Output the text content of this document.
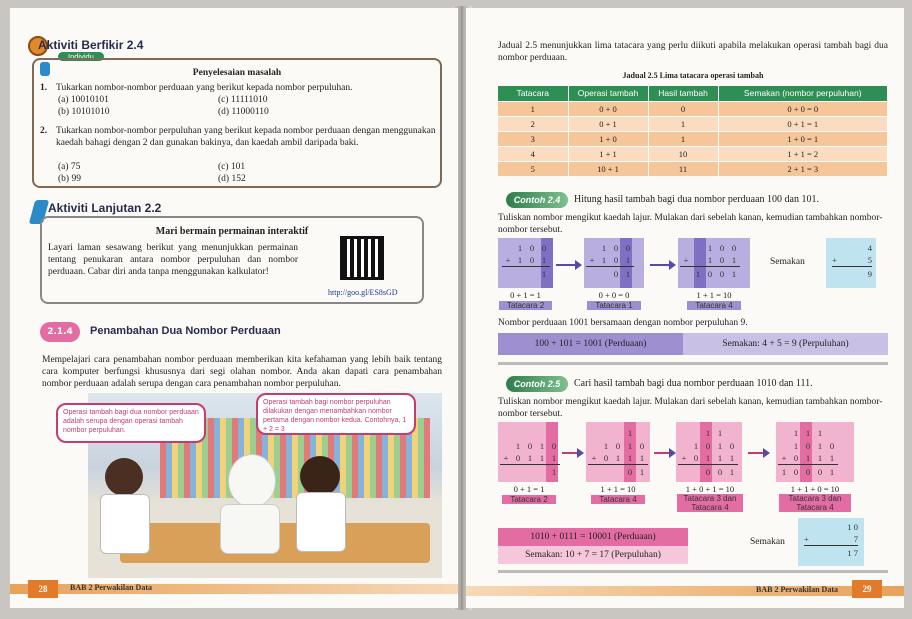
Aktiviti Berfikir 2.4
Individu
Penyelesaian masalah
1. Tukarkan nombor-nombor perduaan yang berikut kepada nombor perpuluhan.
(a) 10010101	(c) 11111010
(b) 10101010	(d) 11000110
2. Tukarkan nombor-nombor perpuluhan yang berikut kepada nombor perduaan dengan menggunakan kaedah bahagi dengan 2 dan gunakan bakinya, dan kaedah ambil daripada baki.
(a) 75	(c) 101
(b) 99	(d) 152
Aktiviti Lanjutan 2.2
Mari bermain permainan interaktif
Layari laman sesawang berikut yang menunjukkan permainan tentang penukaran antara nombor perpuluhan dan nombor perduaan. Cabar diri anda tanpa menggunakan kalkulator!
http://goo.gl/ES8sGD
2.1.4	Penambahan Dua Nombor Perduaan
Mempelajari cara penambahan nombor perduaan memberikan kita kefahaman yang lebih baik tentang cara komputer berfungsi khususnya dari segi olahan nombor. Anda akan dapati cara penambahan nombor perduaan adalah serupa dengan cara penambahan nombor perpuluhan.
Operasi tambah bagi dua nombor perduaan adalah serupa dengan operasi tambah nombor perpuluhan.
Operasi tambah bagi nombor perpuluhan dilakukan dengan menambahkan nombor pertama dengan nombor kedua. Contohnya, 1 + 2 = 3
28	BAB 2 Perwakilan Data
Jadual 2.5 menunjukkan lima tatacara yang perlu diikuti apabila melakukan operasi tambah bagi dua nombor perduaan.
Jadual 2.5 Lima tatacara operasi tambah
Tatacara	Operasi tambah	Hasil tambah	Semakan (nombor perpuluhan)
1	0 + 0	0	0 + 0 = 0
2	0 + 1	1	0 + 1 = 1
3	1 + 0	1	1 + 0 = 1
4	1 + 1	10	1 + 1 = 2
5	10 + 1	11	2 + 1 = 3
Contoh 2.4	Hitung hasil tambah bagi dua nombor perduaan 100 dan 101.
Tuliskan nombor mengikut kaedah lajur. Mulakan dari sebelah kanan, kemudian tambahkan nombor-nombor tersebut.
1 0 0
+ 1 0 1
1
1 0 0
+ 1 0 1
0 1
1 0 0
+	1 0 1
1 0 0 1
0 + 1 = 1
Tatacara 2
0 + 0 = 0
Tatacara 1
1 + 1 = 10
Tatacara 4
Semakan
4
+	5
9
Nombor perduaan 1001 bersamaan dengan nombor perpuluhan 9.
100 + 101 = 1001 (Perduaan)	Semakan: 4 + 5 = 9 (Perpuluhan)
Contoh 2.5	Cari hasil tambah bagi dua nombor perduaan 1010 dan 111.
Tuliskan nombor mengikut kaedah lajur. Mulakan dari sebelah kanan, kemudian tambahkan nombor-nombor tersebut.
1 0 1 0
+ 0 1 1 1
1
1
1 0 1 0
+ 0 1 1 1
0 1
1 1
1 0 1 0
+ 0 1 1 1
0 0 1
1 1 1
1 0 1 0
+ 0 1 1 1
1 0 0 0 1
0 + 1 = 1
Tatacara 2
1 + 1 = 10
Tatacara 4
1 + 0 + 1 = 10
Tatacara 3 dan Tatacara 4
1 + 1 + 0 = 10
Tatacara 3 dan Tatacara 4
1010 + 0111 = 10001 (Perduaan)
Semakan: 10 + 7 = 17 (Perpuluhan)
Semakan
1 0
+	7
1 7
BAB 2 Perwakilan Data	29
